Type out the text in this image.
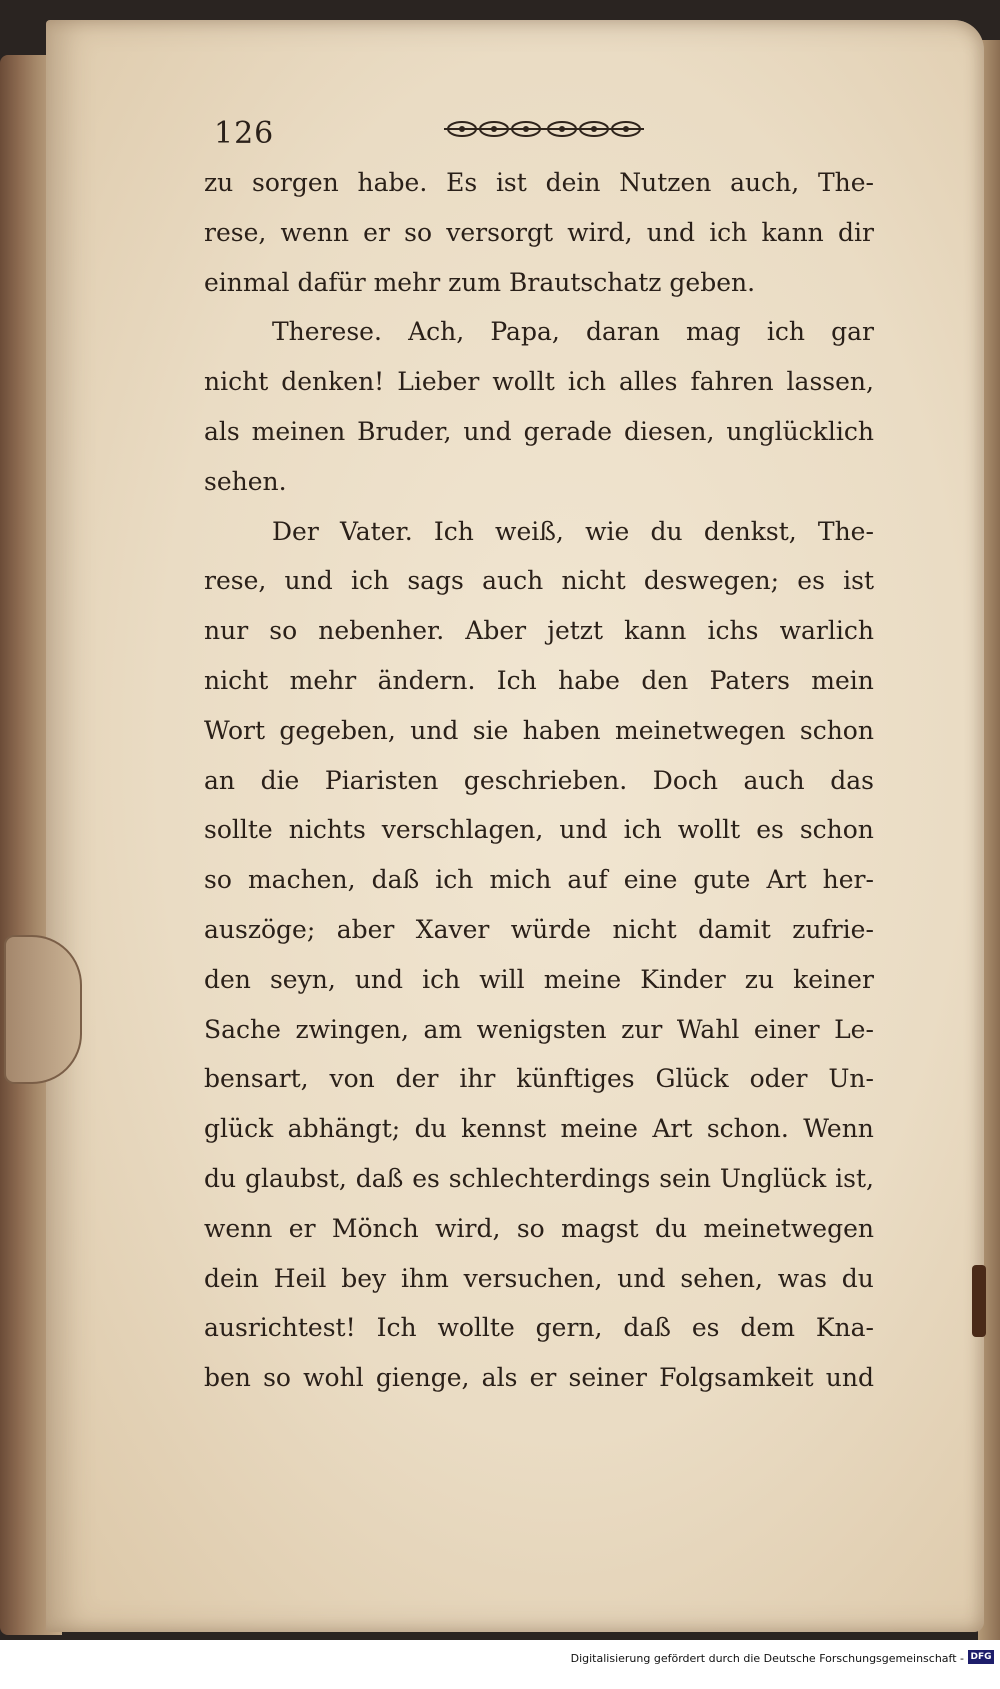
126
zu sorgen habe. Es ist dein Nutzen auch, The-
rese, wenn er so versorgt wird, und ich kann dir
einmal dafür mehr zum Brautschatz geben.
Therese. Ach, Papa, daran mag ich gar
nicht denken! Lieber wollt ich alles fahren lassen,
als meinen Bruder, und gerade diesen, unglücklich
sehen.
Der Vater. Ich weiß, wie du denkst, The-
rese, und ich sags auch nicht deswegen; es ist
nur so nebenher. Aber jetzt kann ichs warlich
nicht mehr ändern. Ich habe den Paters mein
Wort gegeben, und sie haben meinetwegen schon
an die Piaristen geschrieben. Doch auch das
sollte nichts verschlagen, und ich wollt es schon
so machen, daß ich mich auf eine gute Art her-
auszöge; aber Xaver würde nicht damit zufrie-
den seyn, und ich will meine Kinder zu keiner
Sache zwingen, am wenigsten zur Wahl einer Le-
bensart, von der ihr künftiges Glück oder Un-
glück abhängt; du kennst meine Art schon. Wenn
du glaubst, daß es schlechterdings sein Unglück ist,
wenn er Mönch wird, so magst du meinetwegen
dein Heil bey ihm versuchen, und sehen, was du
ausrichtest! Ich wollte gern, daß es dem Kna-
ben so wohl gienge, als er seiner Folgsamkeit und
Digitalisierung gefördert durch die Deutsche Forschungsgemeinschaft - DFG
